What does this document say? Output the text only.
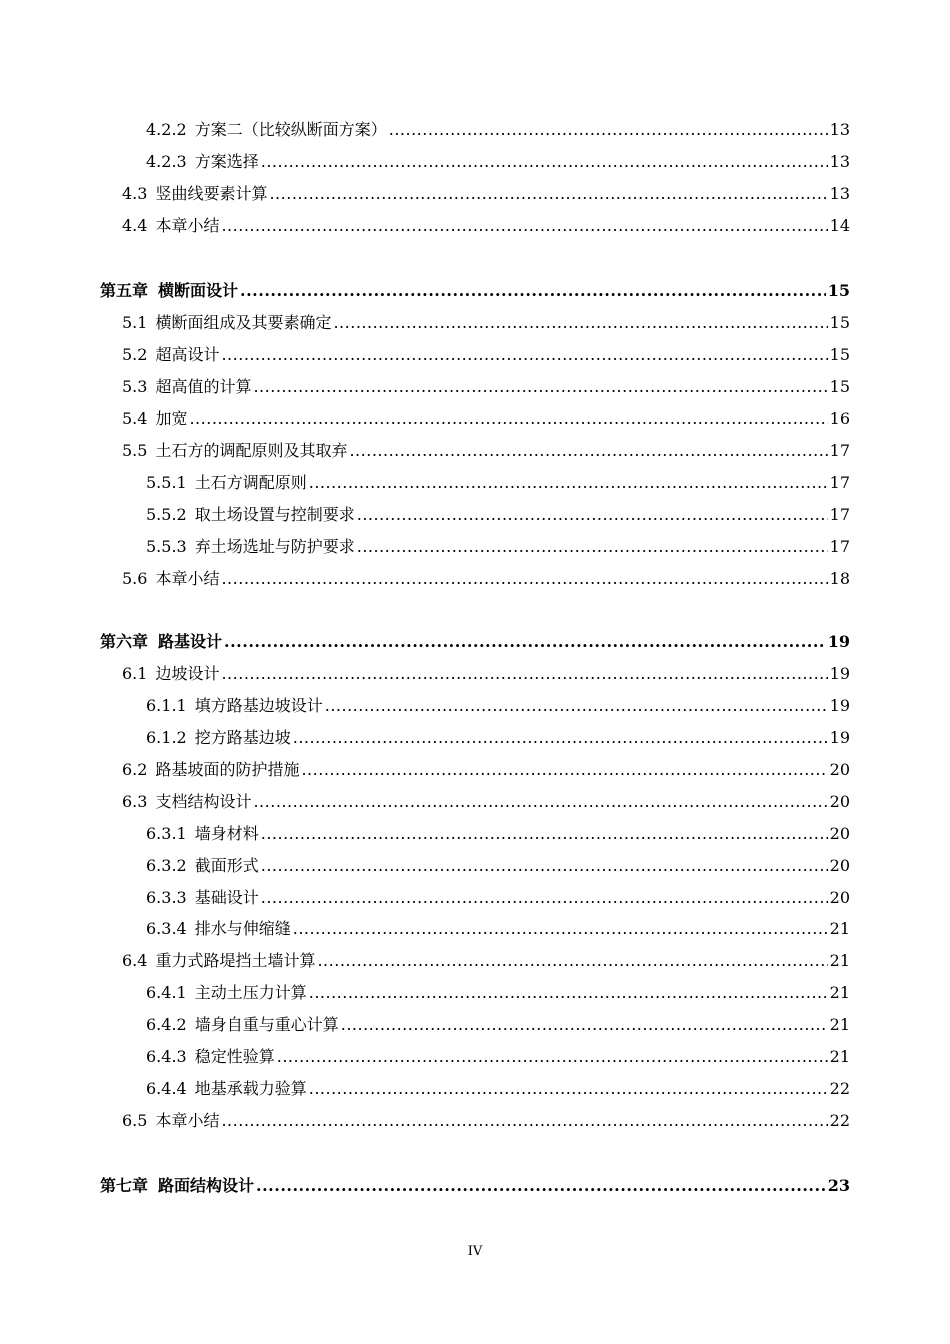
4.2.2 方案二（比较纵断面方案） .....	13
4.2.3 方案选择 .....	13
4.3 竖曲线要素计算 .....	13
4.4 本章小结 .....	14
第五章 横断面设计 .....	15
5.1 横断面组成及其要素确定 .....	15
5.2 超高设计 .....	15
5.3 超高值的计算 .....	15
5.4 加宽 .....	16
5.5 土石方的调配原则及其取弃 .....	17
5.5.1 土石方调配原则 .....	17
5.5.2 取土场设置与控制要求 .....	17
5.5.3 弃土场选址与防护要求 .....	17
5.6 本章小结 .....	18
第六章 路基设计 .....	19
6.1 边坡设计 .....	19
6.1.1 填方路基边坡设计 .....	19
6.1.2 挖方路基边坡 .....	19
6.2 路基坡面的防护措施 .....	20
6.3 支档结构设计 .....	20
6.3.1 墙身材料 .....	20
6.3.2 截面形式 .....	20
6.3.3 基础设计 .....	20
6.3.4 排水与伸缩缝 .....	21
6.4 重力式路堤挡土墙计算 .....	21
6.4.1 主动土压力计算 .....	21
6.4.2 墙身自重与重心计算 .....	21
6.4.3 稳定性验算 .....	21
6.4.4 地基承载力验算 .....	22
6.5 本章小结 .....	22
第七章 路面结构设计 .....	23
IV
